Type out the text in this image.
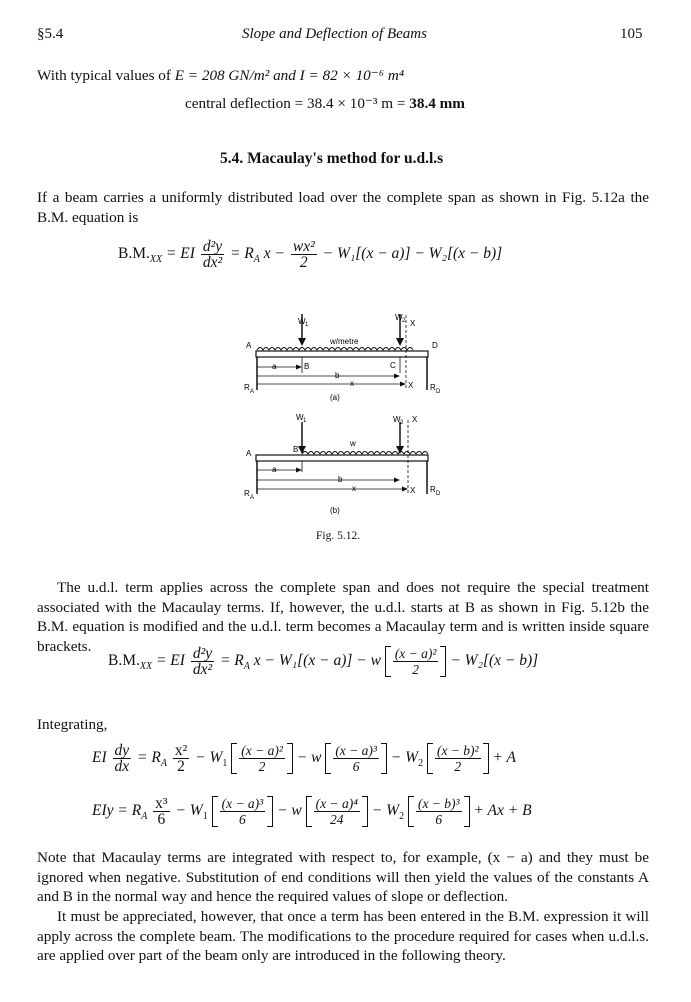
§5.4	Slope and Deflection of Beams	105
With typical values of E = 208 GN/m² and I = 82 × 10⁻⁶ m⁴
central deflection = 38.4 × 10⁻³ m = 38.4 mm
5.4. Macaulay's method for u.d.l.s
If a beam carries a uniformly distributed load over the complete span as shown in Fig. 5.12a the B.M. equation is
$B.M._{XX}$ = EI $\frac{\text{d²y}}{\text{dx²}} = R_A$ $x - \frac{\text{wx²}}{2} - W_1[(x - a)] - W_2[(x - b)]$
W 1
W 2
w/metre
X
A	D
B	C
a
b
x	X
R A	R D
(a)
W 1	W 2 X
w
A	B
a
b
x	X
R A
R D
(b)
Fig. 5.12.
The u.d.l. term applies across the complete span and does not require the special treatment associated with the Macaulay terms. If, however, the u.d.l. starts at B as shown in Fig. 5.12b the B.M. equation is modified and the u.d.l. term becomes a Macaulay term and is written inside square brackets.
$B.M._{XX}$ = EI $\frac{\text{d²y}}{\text{dx²}} = R_A$ x − W₁[(x − a)] − w $\frac{\text{(x − a)²}}{2} - W_2[(x - b)]$
Integrating,
EI $\frac{dy}{dx} = R_A \frac{\text{x²}}{2} - W_1 \frac{\text{(x − a)²}}{2} - w \frac{\text{(x − a)³}}{6} - W_2 \frac{\text{(x − b)²}}{2} + A$
EIy = $R_A \frac{\text{x³}}{6} - W_1 \frac{\text{(x − a)³}}{6} - w \frac{\text{(x − a)⁴}}{24} - W_2 \frac{\text{(x − b)³}}{6} + Ax + B$
Note that Macaulay terms are integrated with respect to, for example, (x − a) and they must be ignored when negative. Substitution of end conditions will then yield the values of the constants A and B in the normal way and hence the required values of slope or deflection.
It must be appreciated, however, that once a term has been entered in the B.M. expression it will apply across the complete beam. The modifications to the procedure required for cases when u.d.l.s. are applied over part of the beam only are introduced in the following theory.
